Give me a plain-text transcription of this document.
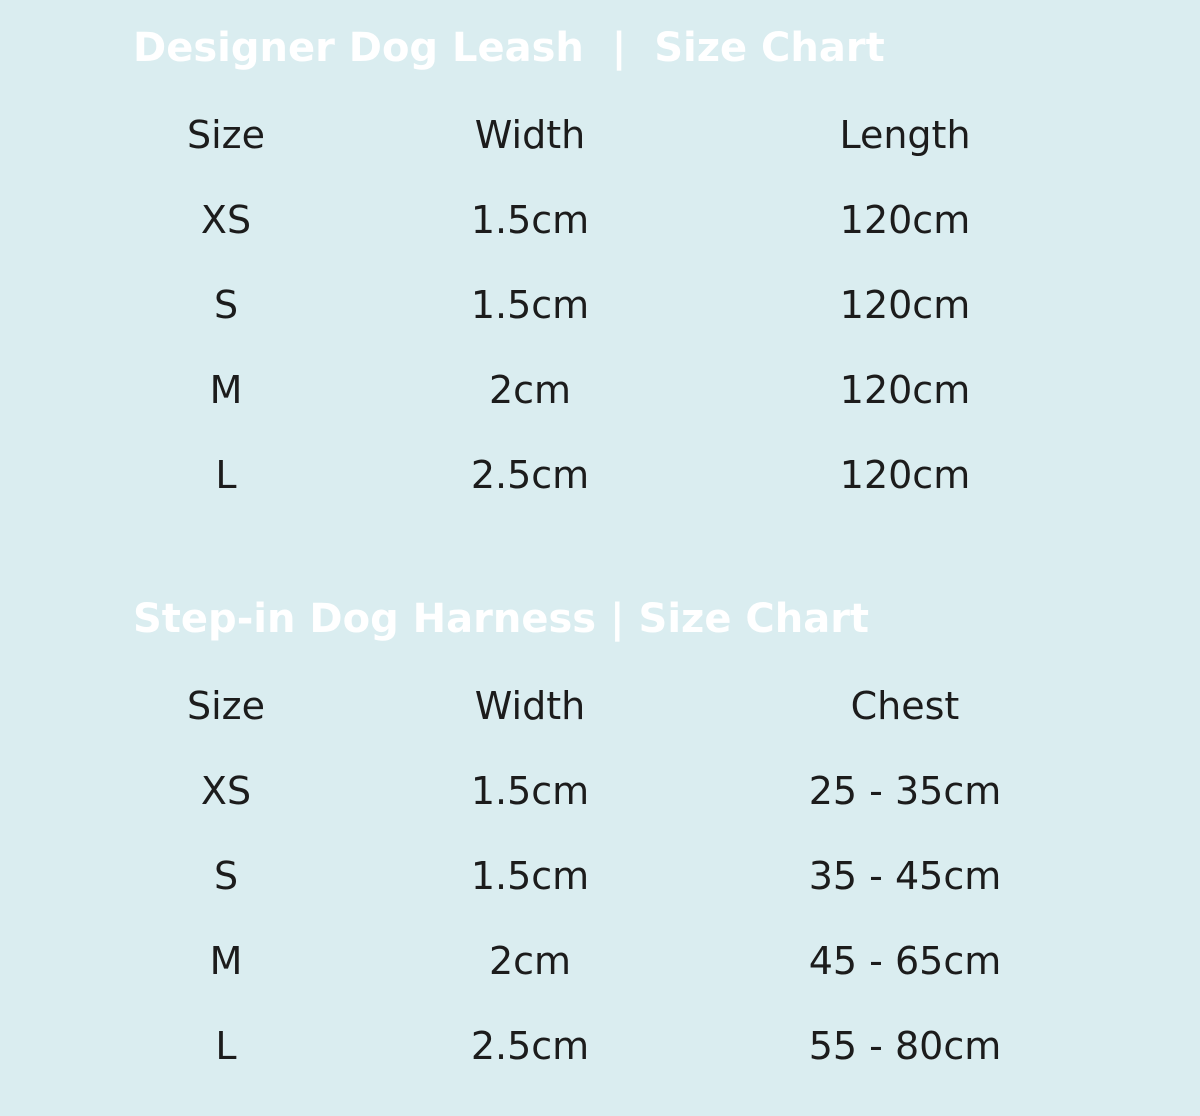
Designer Dog Leash  |  Size Chart
Size	Width	Length
XS	1.5cm	120cm
S	1.5cm	120cm
M	2cm	120cm
L	2.5cm	120cm
Step-in Dog Harness | Size Chart
Size	Width	Chest
XS	1.5cm	25 - 35cm
S	1.5cm	35 - 45cm
M	2cm	45 - 65cm
L	2.5cm	55 - 80cm
